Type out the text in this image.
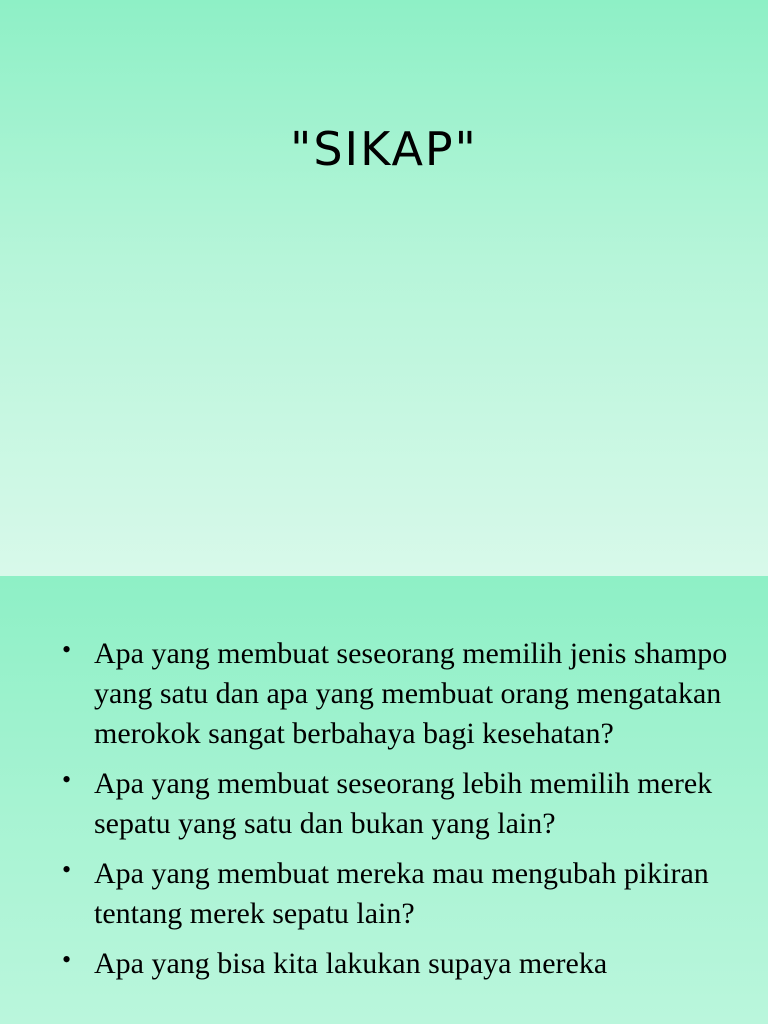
"SIKAP"
• Apa yang membuat seseorang memilih jenis shampo yang satu dan apa yang membuat orang mengatakan merokok sangat berbahaya bagi kesehatan?
• Apa yang membuat seseorang lebih memilih merek sepatu yang satu dan bukan yang lain?
• Apa yang membuat mereka mau mengubah pikiran tentang merek sepatu lain?
• Apa yang bisa kita lakukan supaya mereka
